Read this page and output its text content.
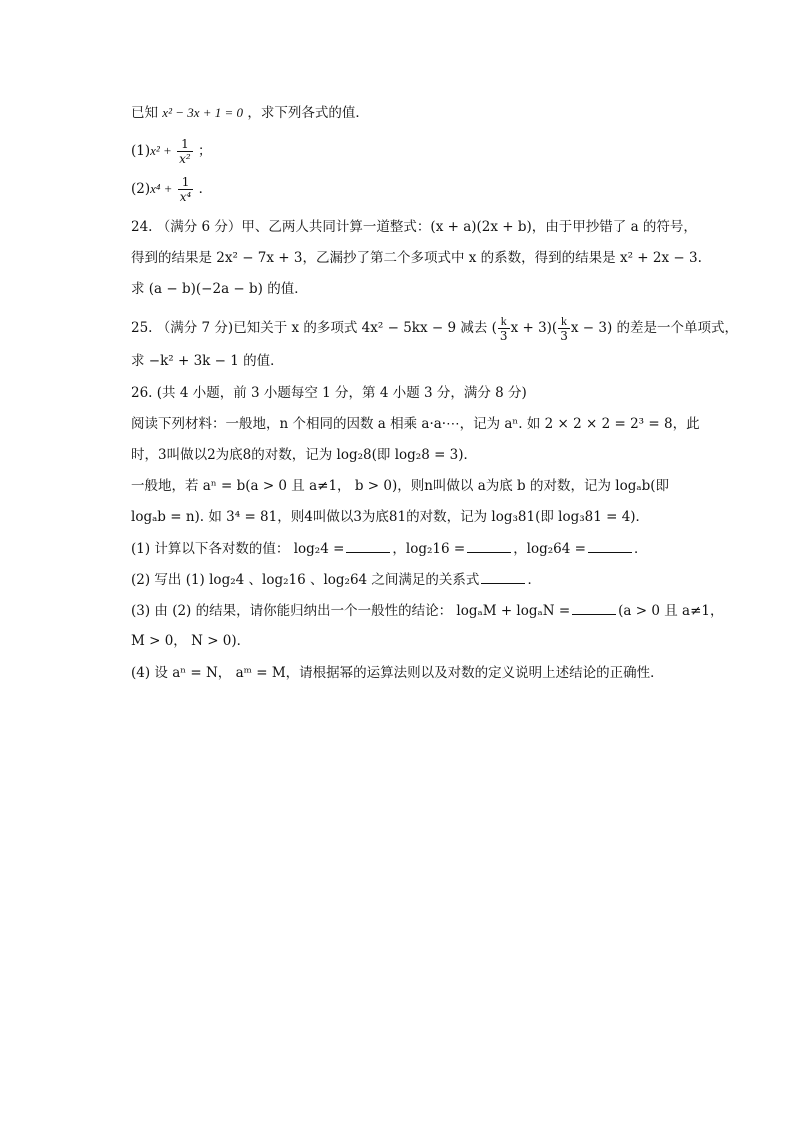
已知 x² − 3x + 1 = 0 ，求下列各式的值．
$(1)x^2 + \frac{1}{\text{x²}}$ ；
$(2)x^4 + \frac{1}{\text{x⁴}}$ ．
24. （满分 6 分）甲、乙两人共同计算一道整式：(x + a)(2x + b)，由于甲抄错了 a 的符号，
得到的结果是 2x² − 7x + 3，乙漏抄了第二个多项式中 x 的系数，得到的结果是 x² + 2x − 3.
求 (a − b)(−2a − b) 的值．
25. （满分 7 分)已知关于 x 的多项式 4x² − 5kx − 9 减去 ( $\frac{k}{3}$ $x + 3)( \frac{k}{3}$ x − 3) 的差是一个单项式，
求 −k² + 3k − 1 的值．
26. (共 4 小题，前 3 小题每空 1 分，第 4 小题 3 分，满分 8 分)
阅读下列材料：一般地，n 个相同的因数 a 相乘 a·a·⋯，记为 aⁿ. 如 2 × 2 × 2 = 2³ = 8，此
时，3叫做以2为底8的对数，记为 log₂8(即 log₂8 = 3)．
一般地，若 aⁿ = b(a > 0 且 a≠1， b > 0)，则n叫做以 a为底 b 的对数，记为 logₐb(即
logₐb = n). 如 3⁴ = 81，则4叫做以3为底81的对数，记为 log₃81(即 log₃81 = 4)．
(1) 计算以下各对数的值： log₂4 =	，log₂16 =	，log₂64 =	．
(2) 写出 (1) log₂4 、log₂16 、log₂64 之间满足的关系式	．
(3) 由 (2) 的结果，请你能归纳出一个一般性的结论： logₐM + logₐN =	(a > 0 且 a≠1，
M > 0， N > 0)．
(4) 设 aⁿ = N， aᵐ = M，请根据幂的运算法则以及对数的定义说明上述结论的正确性．
